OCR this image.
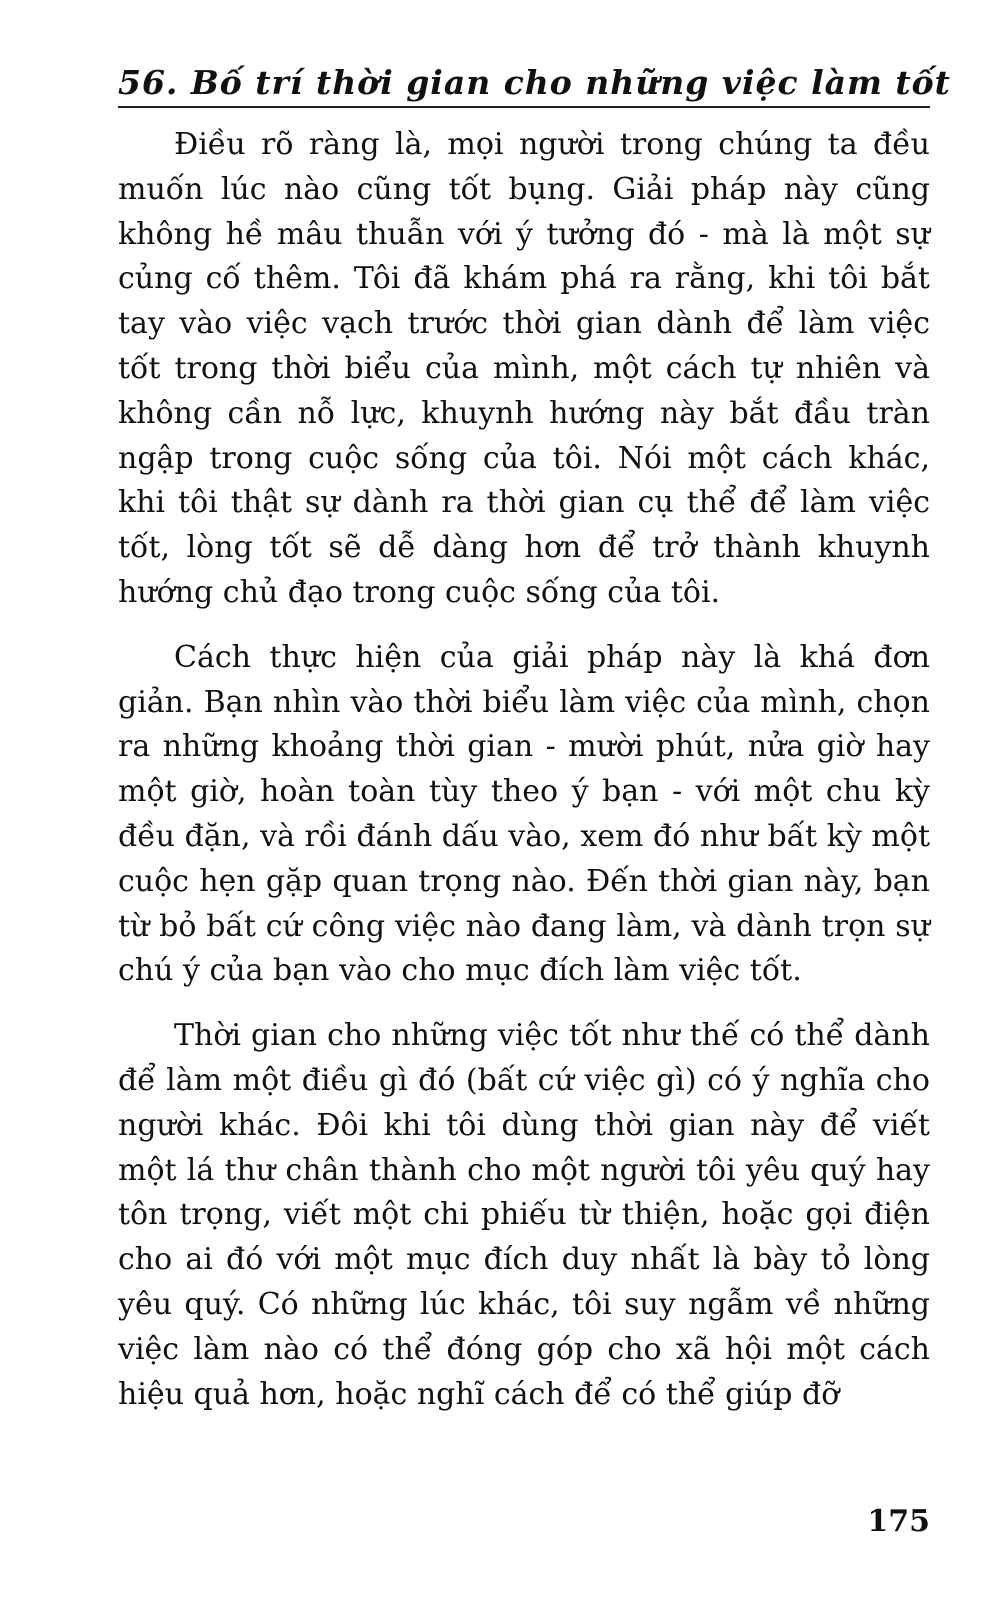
56. Bố trí thời gian cho những việc làm tốt

Điều rõ ràng là, mọi người trong chúng ta đều muốn lúc nào cũng tốt bụng. Giải pháp này cũng không hề mâu thuẫn với ý tưởng đó - mà là một sự củng cố thêm. Tôi đã khám phá ra rằng, khi tôi bắt tay vào việc vạch trước thời gian dành để làm việc tốt trong thời biểu của mình, một cách tự nhiên và không cần nỗ lực, khuynh hướng này bắt đầu tràn ngập trong cuộc sống của tôi. Nói một cách khác, khi tôi thật sự dành ra thời gian cụ thể để làm việc tốt, lòng tốt sẽ dễ dàng hơn để trở thành khuynh hướng chủ đạo trong cuộc sống của tôi.

Cách thực hiện của giải pháp này là khá đơn giản. Bạn nhìn vào thời biểu làm việc của mình, chọn ra những khoảng thời gian - mười phút, nửa giờ hay một giờ, hoàn toàn tùy theo ý bạn - với một chu kỳ đều đặn, và rồi đánh dấu vào, xem đó như bất kỳ một cuộc hẹn gặp quan trọng nào. Đến thời gian này, bạn từ bỏ bất cứ công việc nào đang làm, và dành trọn sự chú ý của bạn vào cho mục đích làm việc tốt.

Thời gian cho những việc tốt như thế có thể dành để làm một điều gì đó (bất cứ việc gì) có ý nghĩa cho người khác. Đôi khi tôi dùng thời gian này để viết một lá thư chân thành cho một người tôi yêu quý hay tôn trọng, viết một chi phiếu từ thiện, hoặc gọi điện cho ai đó với một mục đích duy nhất là bày tỏ lòng yêu quý. Có những lúc khác, tôi suy ngẫm về những việc làm nào có thể đóng góp cho xã hội một cách hiệu quả hơn, hoặc nghĩ cách để có thể giúp đỡ

175
